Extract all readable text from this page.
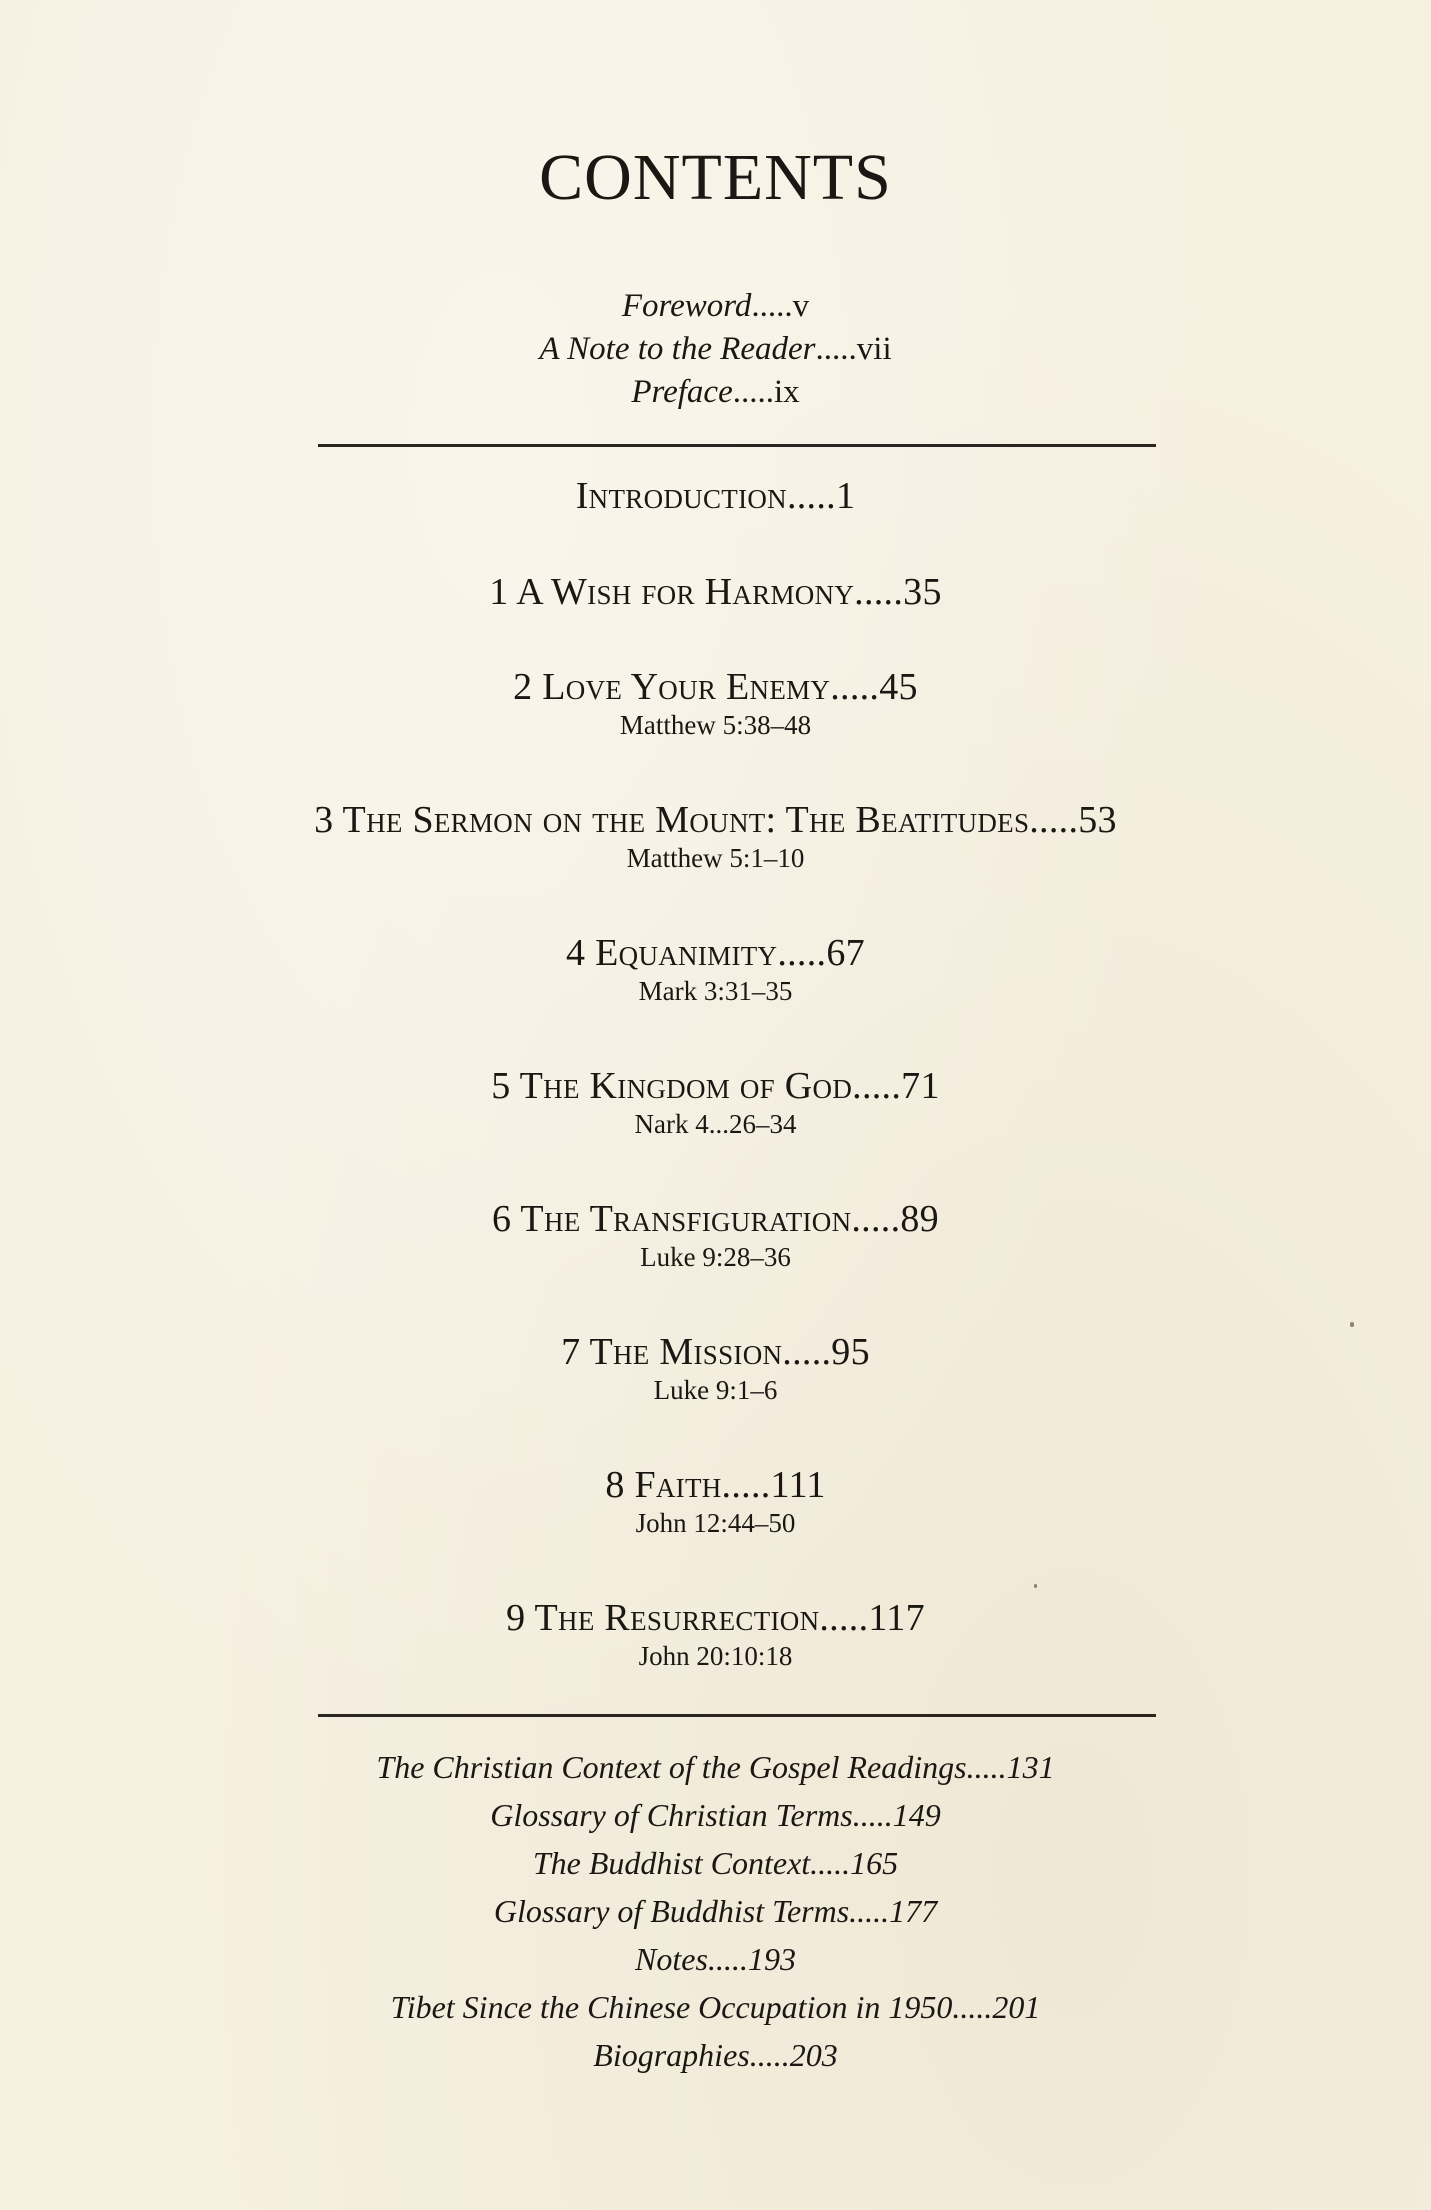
CONTENTS
Foreword.....v
A Note to the Reader.....vii
Preface.....ix
Introduction.....1
1 A Wish for Harmony.....35
2 Love Your Enemy.....45
Matthew 5:38–48
3 The Sermon on the Mount: The Beatitudes.....53
Matthew 5:1–10
4 Equanimity.....67
Mark 3:31–35
5 The Kingdom of God.....71
Nark 4...26–34
6 The Transfiguration.....89
Luke 9:28–36
7 The Mission.....95
Luke 9:1–6
8 Faith.....111
John 12:44–50
9 The Resurrection.....117
John 20:10:18
The Christian Context of the Gospel Readings.....131
Glossary of Christian Terms.....149
The Buddhist Context.....165
Glossary of Buddhist Terms.....177
Notes.....193
Tibet Since the Chinese Occupation in 1950.....201
Biographies.....203
